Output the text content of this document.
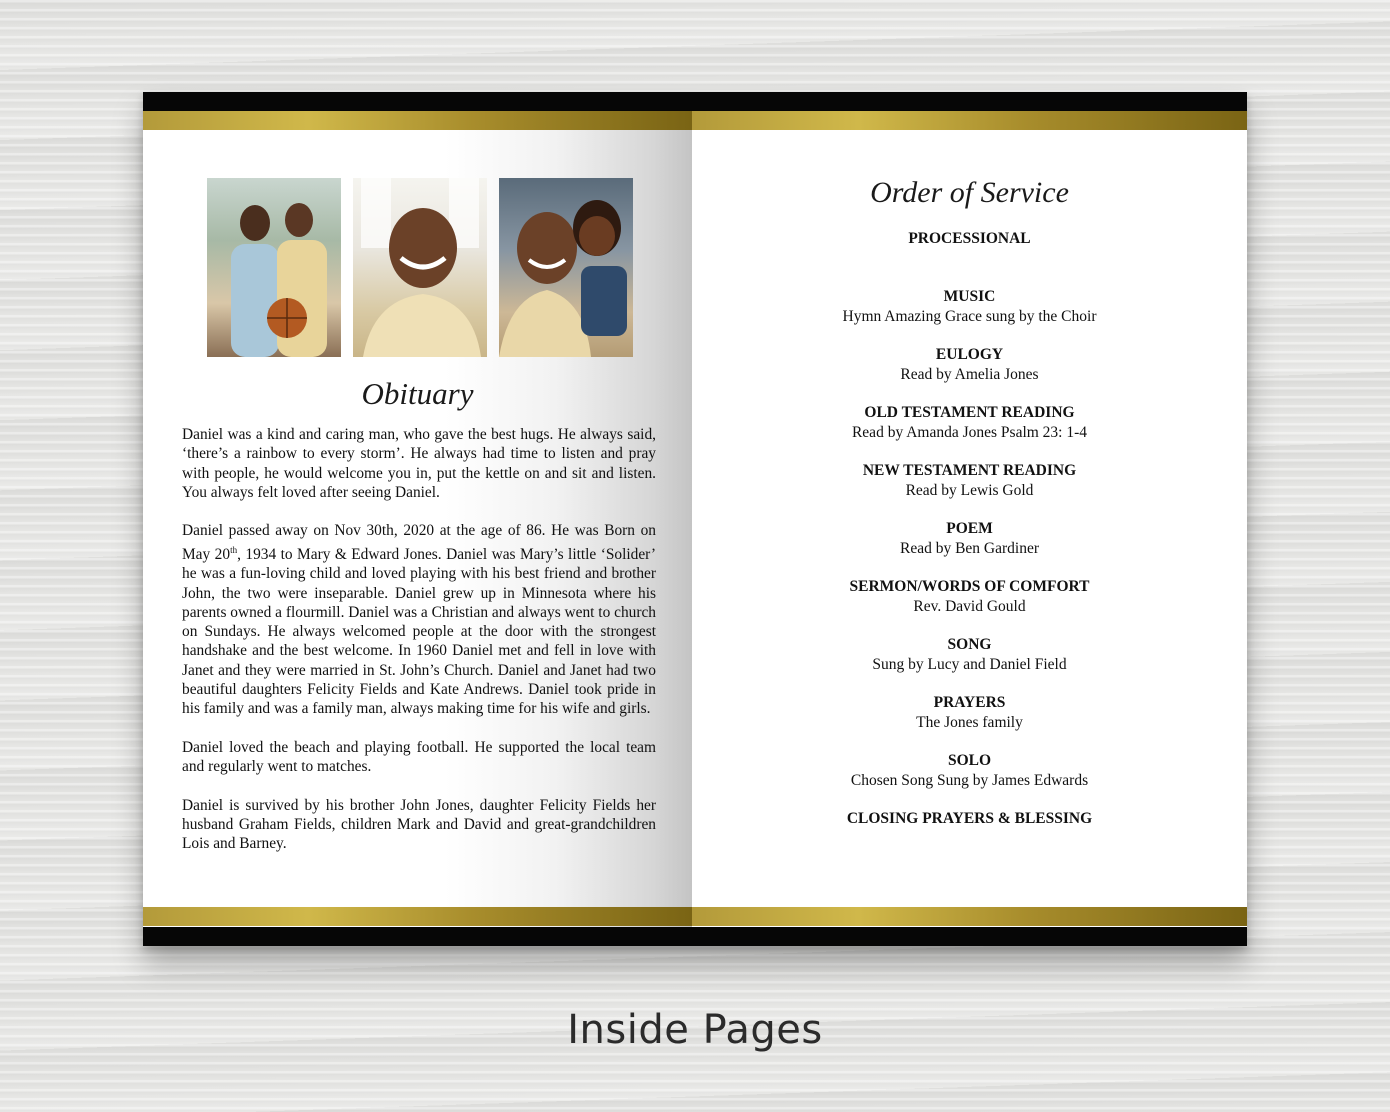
Obituary

Daniel was a kind and caring man, who gave the best hugs. He always said, ‘there’s a rainbow to every storm’. He always had time to listen and pray with people, he would welcome you in, put the kettle on and sit and listen. You always felt loved after seeing Daniel.

Daniel passed away on Nov 30th, 2020 at the age of 86. He was Born on May 20th, 1934 to Mary & Edward Jones. Daniel was Mary’s little ‘Solider’ he was a fun-loving child and loved playing with his best friend and brother John, the two were inseparable. Daniel grew up in Minnesota where his parents owned a flourmill. Daniel was a Christian and always went to church on Sundays. He always welcomed people at the door with the strongest handshake and the best welcome. In 1960 Daniel met and fell in love with Janet and they were married in St. John’s Church. Daniel and Janet had two beautiful daughters Felicity Fields and Kate Andrews. Daniel took pride in his family and was a family man, always making time for his wife and girls.

Daniel loved the beach and playing football. He supported the local team and regularly went to matches.

Daniel is survived by his brother John Jones, daughter Felicity Fields her husband Graham Fields, children Mark and David and great-grandchildren Lois and Barney.

Order of Service
PROCESSIONAL
MUSIC
Hymn Amazing Grace sung by the Choir
EULOGY
Read by Amelia Jones
OLD TESTAMENT READING
Read by Amanda Jones Psalm 23: 1-4
NEW TESTAMENT READING
Read by Lewis Gold
POEM
Read by Ben Gardiner
SERMON/WORDS OF COMFORT
Rev. David Gould
SONG
Sung by Lucy and Daniel Field
PRAYERS
The Jones family
SOLO
Chosen Song Sung by James Edwards
CLOSING PRAYERS & BLESSING
Inside Pages
